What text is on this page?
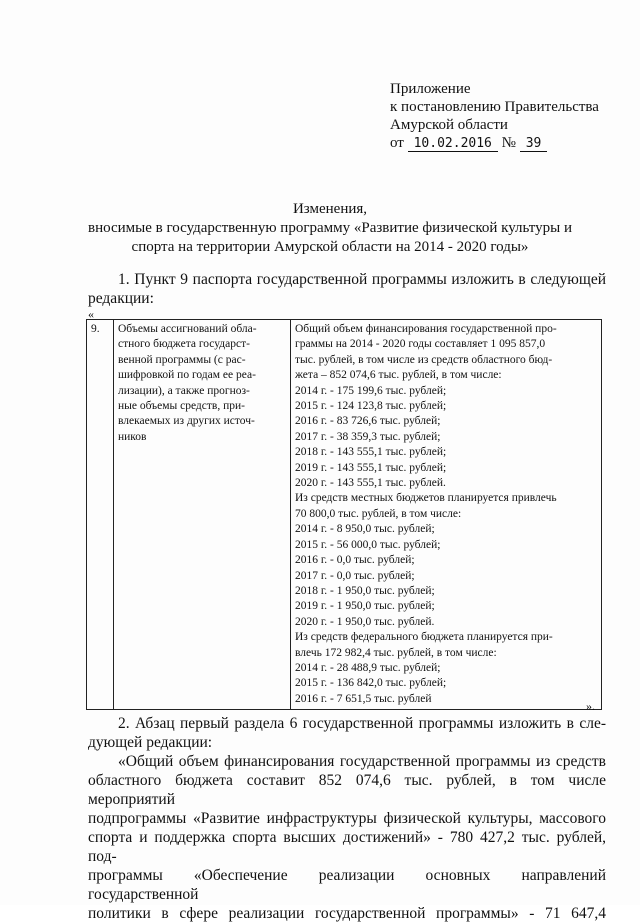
Приложение
к постановлению Правительства
Амурской области
от 10.02.2016 № 39
Изменения,
вносимые в государственную программу «Развитие физической культуры и
спорта на территории Амурской области на 2014 - 2020 годы»
1. Пункт 9 паспорта государственной программы изложить в следующей
редакции:
«
9.	Объемы ассигнований обла-
стного бюджета государст-
венной программы (с рас-
шифровкой по годам ее реа-
лизации), а также прогноз-
ные объемы средств, при-
влекаемых из других источ-
ников

Общий объем финансирования государственной про-
граммы на 2014 - 2020 годы составляет 1 095 857,0
тыс. рублей, в том числе из средств областного бюд-
жета – 852 074,6 тыс. рублей, в том числе:
2014 г. - 175 199,6 тыс. рублей;
2015 г. - 124 123,8 тыс. рублей;
2016 г. - 83 726,6 тыс. рублей;
2017 г. - 38 359,3 тыс. рублей;
2018 г. - 143 555,1 тыс. рублей;
2019 г. - 143 555,1 тыс. рублей;
2020 г. - 143 555,1 тыс. рублей.
Из средств местных бюджетов планируется привлечь
70 800,0 тыс. рублей, в том числе:
2014 г. - 8 950,0 тыс. рублей;
2015 г. - 56 000,0 тыс. рублей;
2016 г. - 0,0 тыс. рублей;
2017 г. - 0,0 тыс. рублей;
2018 г. - 1 950,0 тыс. рублей;
2019 г. - 1 950,0 тыс. рублей;
2020 г. - 1 950,0 тыс. рублей.
Из средств федерального бюджета планируется при-
влечь 172 982,4 тыс. рублей, в том числе:
2014 г. - 28 488,9 тыс. рублей;
2015 г. - 136 842,0 тыс. рублей;
2016 г. - 7 651,5 тыс. рублей
».
2. Абзац первый раздела 6 государственной программы изложить в сле-
дующей редакции:
«Общий объем финансирования государственной программы из средств
областного бюджета составит 852 074,6 тыс. рублей, в том числе мероприятий
подпрограммы «Развитие инфраструктуры физической культуры, массового
спорта и поддержка спорта высших достижений» - 780 427,2 тыс. рублей, под-
программы «Обеспечение реализации основных направлений государственной
политики в сфере реализации государственной программы» - 71 647,4
